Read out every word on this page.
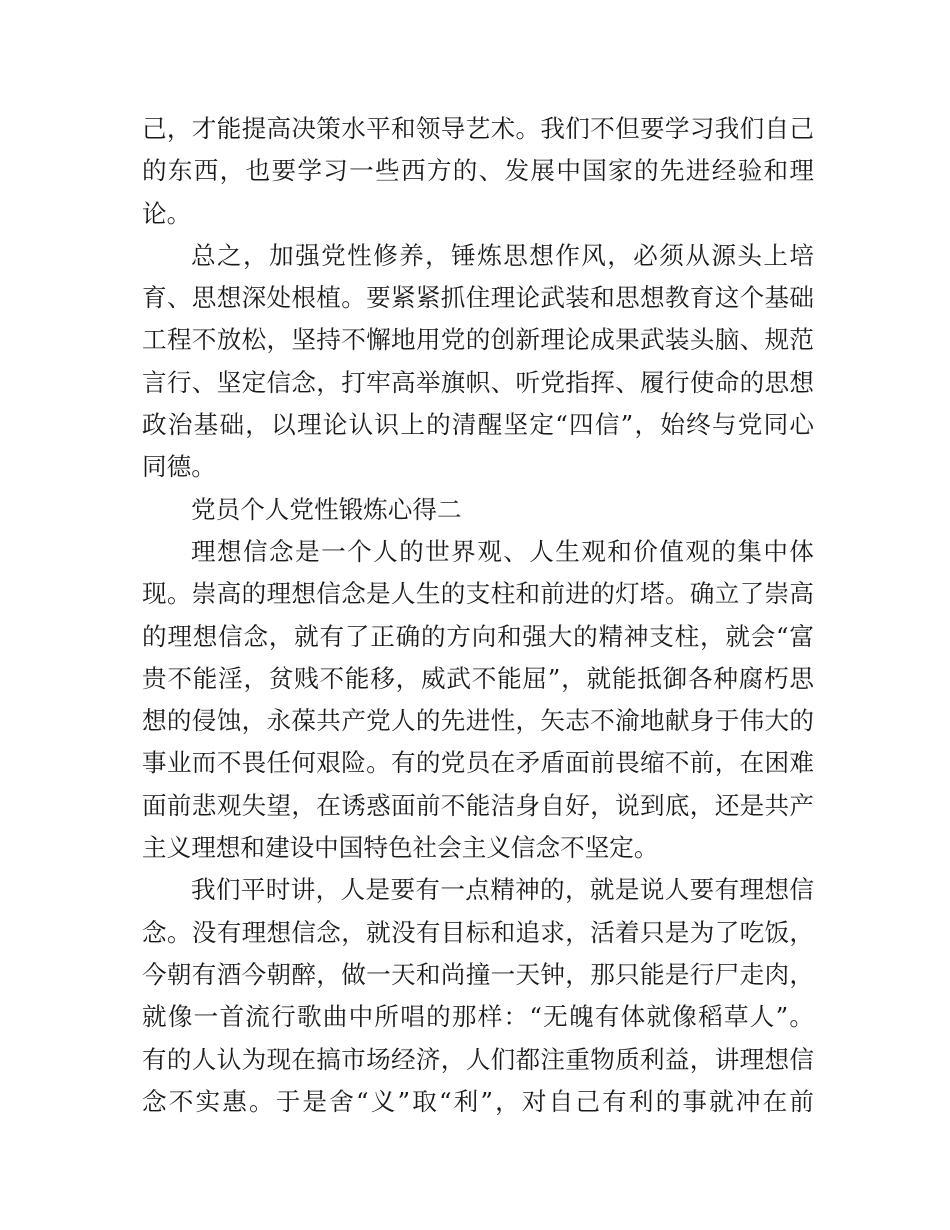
己，才能提高决策水平和领导艺术。我们不但要学习我们自己
的东西，也要学习一些西方的、发展中国家的先进经验和理
论。
总之，加强党性修养，锤炼思想作风，必须从源头上培
育、思想深处根植。要紧紧抓住理论武装和思想教育这个基础
工程不放松，坚持不懈地用党的创新理论成果武装头脑、规范
言行、坚定信念，打牢高举旗帜、听党指挥、履行使命的思想
政治基础，以理论认识上的清醒坚定“四信”，始终与党同心
同德。
党员个人党性锻炼心得二
理想信念是一个人的世界观、人生观和价值观的集中体
现。崇高的理想信念是人生的支柱和前进的灯塔。确立了崇高
的理想信念，就有了正确的方向和强大的精神支柱，就会“富
贵不能淫，贫贱不能移，威武不能屈”，就能抵御各种腐朽思
想的侵蚀，永葆共产党人的先进性，矢志不渝地献身于伟大的
事业而不畏任何艰险。有的党员在矛盾面前畏缩不前，在困难
面前悲观失望，在诱惑面前不能洁身自好，说到底，还是共产
主义理想和建设中国特色社会主义信念不坚定。
我们平时讲，人是要有一点精神的，就是说人要有理想信
念。没有理想信念，就没有目标和追求，活着只是为了吃饭，
今朝有酒今朝醉，做一天和尚撞一天钟，那只能是行尸走肉，
就像一首流行歌曲中所唱的那样：“无魄有体就像稻草人”。
有的人认为现在搞市场经济，人们都注重物质利益，讲理想信
念不实惠。于是舍“义”取“利”，对自己有利的事就冲在前
